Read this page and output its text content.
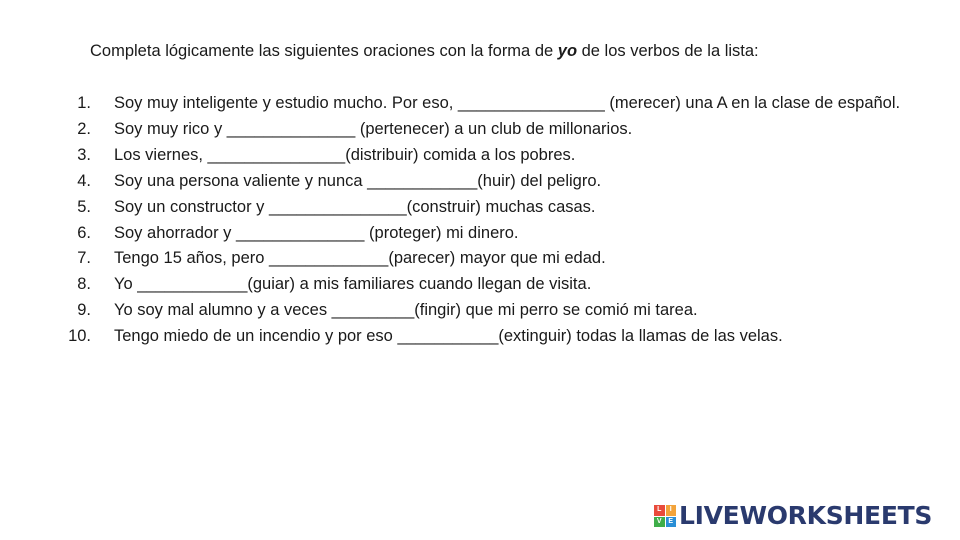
Completa lógicamente las siguientes oraciones con la forma de yo de los verbos de la lista:
1. Soy muy inteligente y estudio mucho. Por eso, ________________ (merecer) una A en la clase de español.
2. Soy muy rico y ______________ (pertenecer) a un club de millonarios.
3. Los viernes, _______________(distribuir) comida a los pobres.
4. Soy una persona valiente y nunca ____________(huir) del peligro.
5. Soy un constructor y _______________(construir) muchas casas.
6. Soy ahorrador y ______________ (proteger) mi dinero.
7. Tengo 15 años, pero _____________(parecer) mayor que mi edad.
8. Yo ____________(guiar) a mis familiares cuando llegan de visita.
9. Yo soy mal alumno y a veces _________(fingir) que mi perro se comió mi tarea.
10. Tengo miedo de un incendio y por eso ___________(extinguir) todas la llamas de las velas.
L	I
V E LIVEWORKSHEETS
